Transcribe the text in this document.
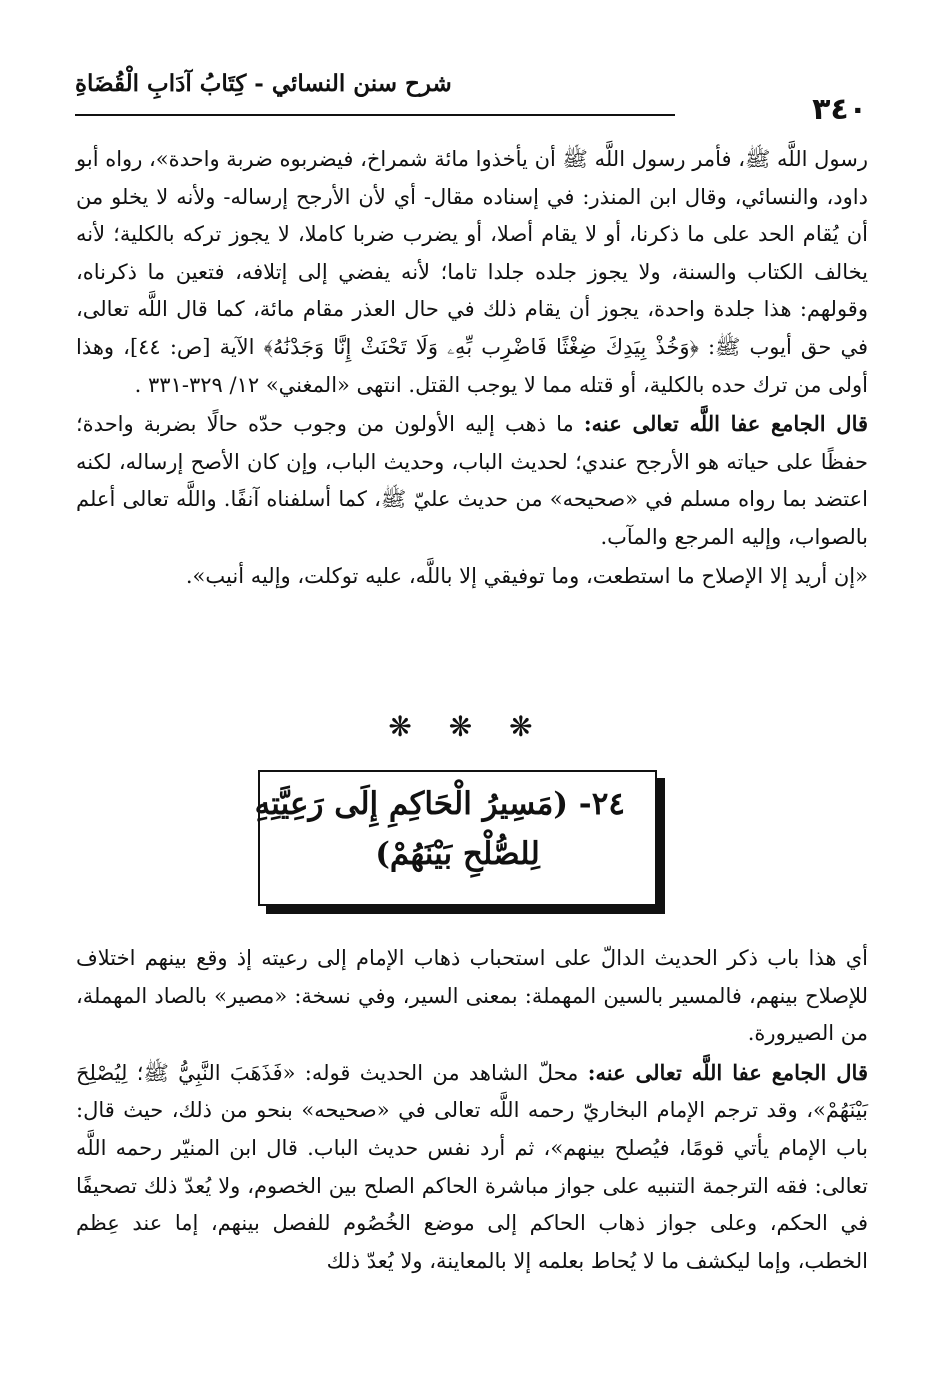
شرح سنن النسائي - كِتَابُ آدَابِ الْقُضَاةِ
٣٤٠

رسول اللَّه ﷺ، فأمر رسول اللَّه ﷺ أن يأخذوا مائة شمراخ، فيضربوه ضربة واحدة»، رواه أبو داود، والنسائي، وقال ابن المنذر: في إسناده مقال- أي لأن الأرجح إرساله- ولأنه لا يخلو من أن يُقام الحد على ما ذكرنا، أو لا يقام أصلا، أو يضرب ضربا كاملا، لا يجوز تركه بالكلية؛ لأنه يخالف الكتاب والسنة، ولا يجوز جلده جلدا تاما؛ لأنه يفضي إلى إتلافه، فتعين ما ذكرناه، وقولهم: هذا جلدة واحدة، يجوز أن يقام ذلك في حال العذر مقام مائة، كما قال اللَّه تعالى، في حق أيوب ﷺ: ﴿وَخُذْ بِيَدِكَ ضِغْثًا فَاضْرِب بِّهِۦ وَلَا تَحْنَثْ إِنَّا وَجَدْنَٰهُ﴾ الآية [ص: ٤٤]، وهذا أولى من ترك حده بالكلية، أو قتله مما لا يوجب القتل. انتهى «المغني» ١٢/ ٣٢٩-٣٣١ .

قال الجامع عفا اللَّه تعالى عنه: ما ذهب إليه الأولون من وجوب حدّه حالًا بضربة واحدة؛ حفظًا على حياته هو الأرجح عندي؛ لحديث الباب، وحديث الباب، وإن كان الأصح إرساله، لكنه اعتضد بما رواه مسلم في «صحيحه» من حديث عليّ ﷺ، كما أسلفناه آنفًا. واللَّه تعالى أعلم بالصواب، وإليه المرجع والمآب.

«إن أريد إلا الإصلاح ما استطعت، وما توفيقي إلا باللَّه، عليه توكلت، وإليه أنيب».

❋ ❋ ❋
٢٤- (مَسِيرُ الْحَاكِمِ إِلَى رَعِيَّتِهِ
لِلصُّلْحِ بَيْنَهُمْ)

أي هذا باب ذكر الحديث الدالّ على استحباب ذهاب الإمام إلى رعيته إذ وقع بينهم اختلاف للإصلاح بينهم، فالمسير بالسين المهملة: بمعنى السير، وفي نسخة: «مصير» بالصاد المهملة، من الصيرورة.

قال الجامع عفا اللَّه تعالى عنه: محلّ الشاهد من الحديث قوله: «فَذَهَبَ النَّبِيُّ ﷺ؛ لِيُصْلِحَ بَيْنَهُمْ»، وقد ترجم الإمام البخاريّ رحمه اللَّه تعالى في «صحيحه» بنحو من ذلك، حيث قال: باب الإمام يأتي قومًا، فيُصلح بينهم»، ثم أرد نفس حديث الباب. قال ابن المنيّر رحمه اللَّه تعالى: فقه الترجمة التنبيه على جواز مباشرة الحاكم الصلح بين الخصوم، ولا يُعدّ ذلك تصحيفًا في الحكم، وعلى جواز ذهاب الحاكم إلى موضع الخُصُوم للفصل بينهم، إما عند عِظم الخطب، وإما ليكشف ما لا يُحاط بعلمه إلا بالمعاينة، ولا يُعدّ ذلك
